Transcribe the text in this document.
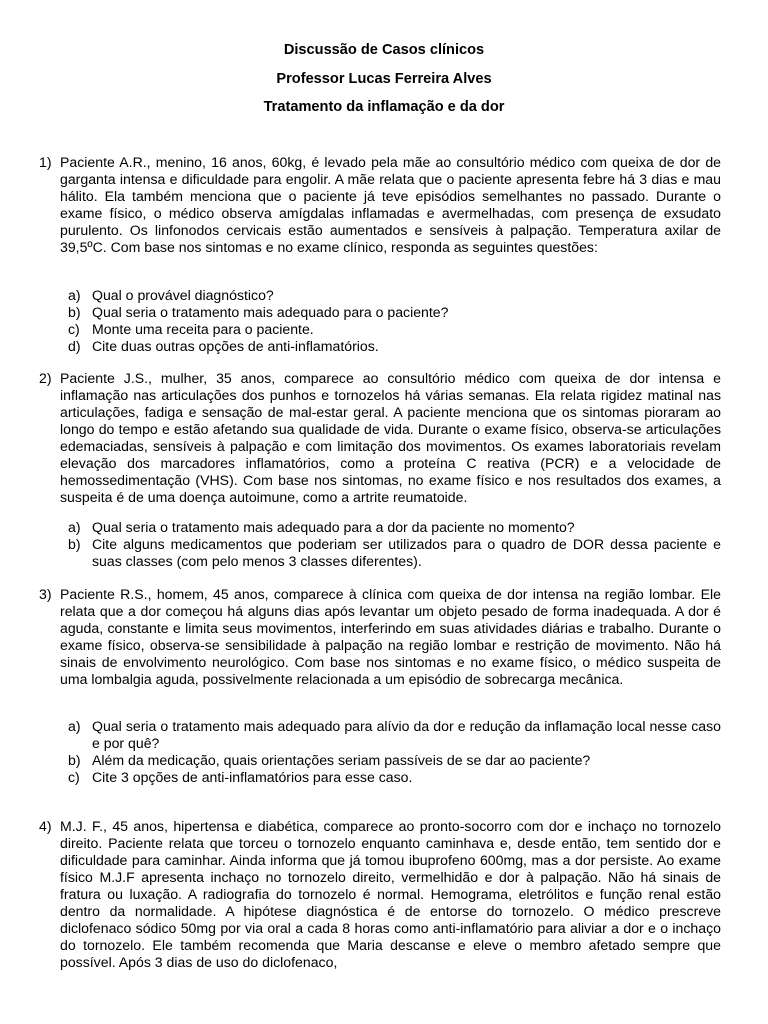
Discussão de Casos clínicos
Professor Lucas Ferreira Alves
Tratamento da inflamação e da dor
1) Paciente A.R., menino, 16 anos, 60kg, é levado pela mãe ao consultório médico com queixa de dor de garganta intensa e dificuldade para engolir. A mãe relata que o paciente apresenta febre há 3 dias e mau hálito. Ela também menciona que o paciente já teve episódios semelhantes no passado. Durante o exame físico, o médico observa amígdalas inflamadas e avermelhadas, com presença de exsudato purulento. Os linfonodos cervicais estão aumentados e sensíveis à palpação. Temperatura axilar de 39,5ºC. Com base nos sintomas e no exame clínico, responda as seguintes questões:

a) Qual o provável diagnóstico?
b) Qual seria o tratamento mais adequado para o paciente?
c) Monte uma receita para o paciente.
d) Cite duas outras opções de anti-inflamatórios.
2) Paciente J.S., mulher, 35 anos, comparece ao consultório médico com queixa de dor intensa e inflamação nas articulações dos punhos e tornozelos há várias semanas. Ela relata rigidez matinal nas articulações, fadiga e sensação de mal-estar geral. A paciente menciona que os sintomas pioraram ao longo do tempo e estão afetando sua qualidade de vida. Durante o exame físico, observa-se articulações edemaciadas, sensíveis à palpação e com limitação dos movimentos. Os exames laboratoriais revelam elevação dos marcadores inflamatórios, como a proteína C reativa (PCR) e a velocidade de hemossedimentação (VHS). Com base nos sintomas, no exame físico e nos resultados dos exames, a suspeita é de uma doença autoimune, como a artrite reumatoide.

a) Qual seria o tratamento mais adequado para a dor da paciente no momento?
b) Cite alguns medicamentos que poderiam ser utilizados para o quadro de DOR dessa paciente e suas classes (com pelo menos 3 classes diferentes).
3) Paciente R.S., homem, 45 anos, comparece à clínica com queixa de dor intensa na região lombar. Ele relata que a dor começou há alguns dias após levantar um objeto pesado de forma inadequada. A dor é aguda, constante e limita seus movimentos, interferindo em suas atividades diárias e trabalho. Durante o exame físico, observa-se sensibilidade à palpação na região lombar e restrição de movimento. Não há sinais de envolvimento neurológico. Com base nos sintomas e no exame físico, o médico suspeita de uma lombalgia aguda, possivelmente relacionada a um episódio de sobrecarga mecânica.

a) Qual seria o tratamento mais adequado para alívio da dor e redução da inflamação local nesse caso e por quê?
b) Além da medicação, quais orientações seriam passíveis de se dar ao paciente?
c) Cite 3 opções de anti-inflamatórios para esse caso.
4) M.J. F., 45 anos, hipertensa e diabética, comparece ao pronto-socorro com dor e inchaço no tornozelo direito. Paciente relata que torceu o tornozelo enquanto caminhava e, desde então, tem sentido dor e dificuldade para caminhar. Ainda informa que já tomou ibuprofeno 600mg, mas a dor persiste. Ao exame físico M.J.F apresenta inchaço no tornozelo direito, vermelhidão e dor à palpação. Não há sinais de fratura ou luxação. A radiografia do tornozelo é normal. Hemograma, eletrólitos e função renal estão dentro da normalidade. A hipótese diagnóstica é de entorse do tornozelo. O médico prescreve diclofenaco sódico 50mg por via oral a cada 8 horas como anti-inflamatório para aliviar a dor e o inchaço do tornozelo. Ele também recomenda que Maria descanse e eleve o membro afetado sempre que possível. Após 3 dias de uso do diclofenaco,
